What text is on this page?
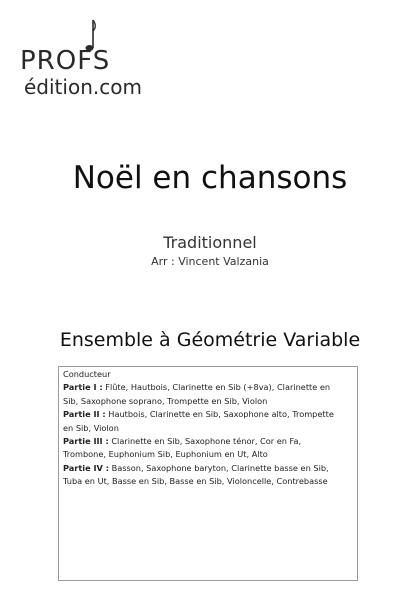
PROFS
édition.com
Noël en chansons
Traditionnel
Arr : Vincent Valzania
Ensemble à Géométrie Variable
Conducteur
Partie I : Flûte, Hautbois, Clarinette en Sib (+8va), Clarinette en
Sib, Saxophone soprano, Trompette en Sib, Violon
Partie II : Hautbois, Clarinette en Sib, Saxophone alto, Trompette
en Sib, Violon
Partie III : Clarinette en Sib, Saxophone ténor, Cor en Fa,
Trombone, Euphonium Sib, Euphonium en Ut, Alto
Partie IV : Basson, Saxophone baryton, Clarinette basse en Sib,
Tuba en Ut, Basse en Sib, Basse en Sib, Violoncelle, Contrebasse
